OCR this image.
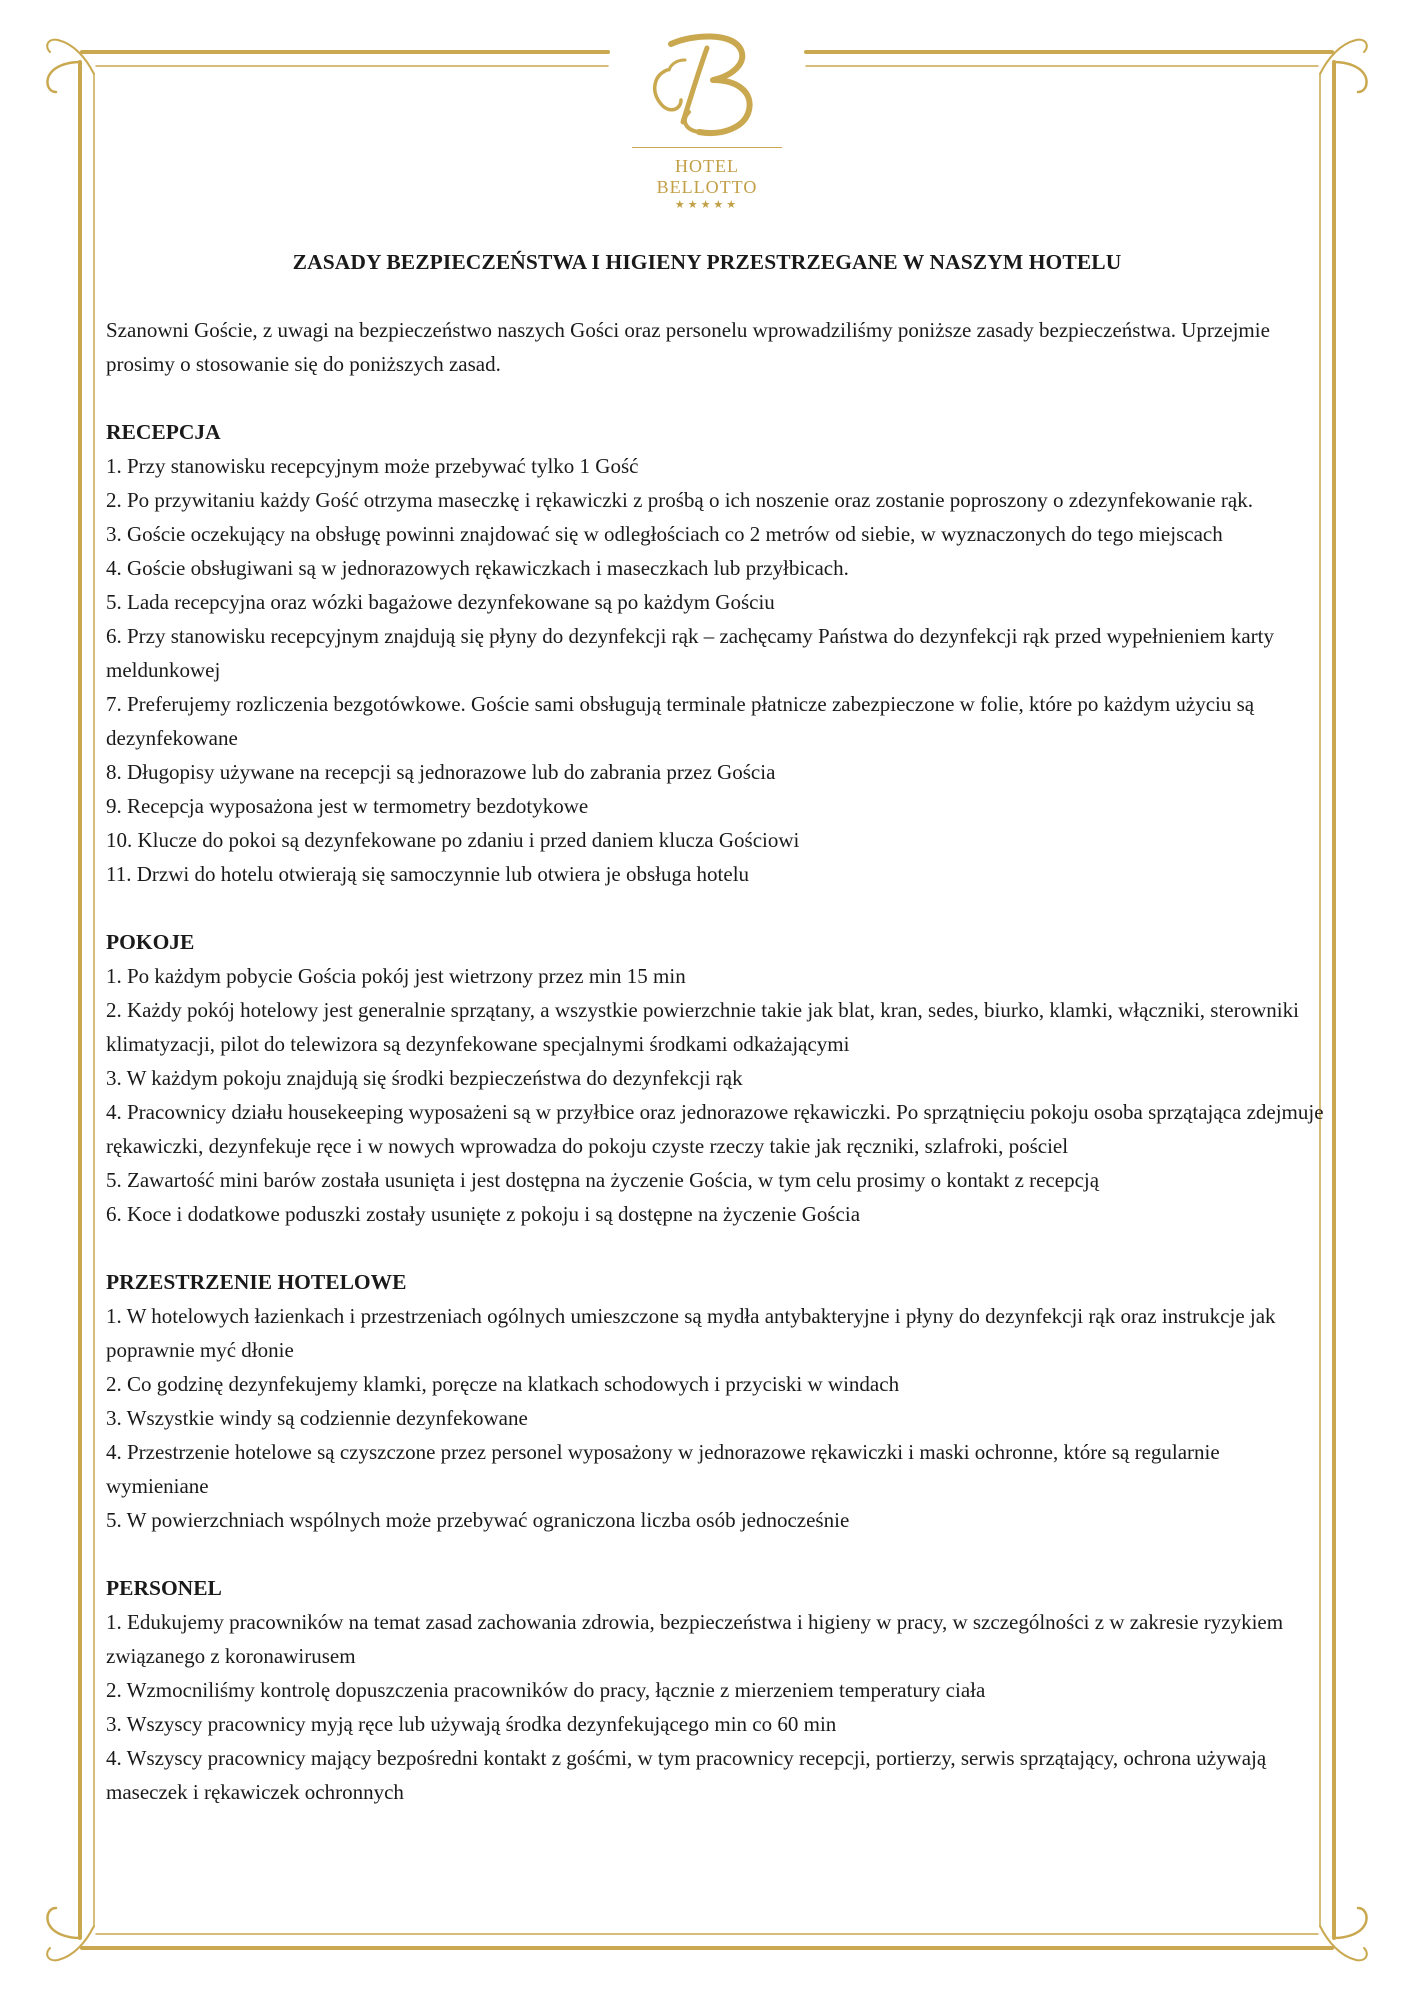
HOTEL
BELLOTTO
★★★★★
ZASADY BEZPIECZEŃSTWA I HIGIENY PRZESTRZEGANE W NASZYM HOTELU

Szanowni Goście, z uwagi na bezpieczeństwo naszych Gości oraz personelu wprowadziliśmy poniższe zasady bezpieczeństwa. Uprzejmie prosimy o stosowanie się do poniższych zasad.

RECEPCJA
1. Przy stanowisku recepcyjnym może przebywać tylko 1 Gość
2. Po przywitaniu każdy Gość otrzyma maseczkę i rękawiczki z prośbą o ich noszenie oraz zostanie poproszony o zdezynfekowanie rąk.
3. Goście oczekujący na obsługę powinni znajdować się w odległościach co 2 metrów od siebie, w wyznaczonych do tego miejscach
4. Goście obsługiwani są w jednorazowych rękawiczkach i maseczkach lub przyłbicach.
5. Lada recepcyjna oraz wózki bagażowe dezynfekowane są po każdym Gościu
6. Przy stanowisku recepcyjnym znajdują się płyny do dezynfekcji rąk – zachęcamy Państwa do dezynfekcji rąk przed wypełnieniem karty meldunkowej
7. Preferujemy rozliczenia bezgotówkowe. Goście sami obsługują terminale płatnicze zabezpieczone w folie, które po każdym użyciu są dezynfekowane
8. Długopisy używane na recepcji są jednorazowe lub do zabrania przez Gościa
9. Recepcja wyposażona jest w termometry bezdotykowe
10. Klucze do pokoi są dezynfekowane po zdaniu i przed daniem klucza Gościowi
11. Drzwi do hotelu otwierają się samoczynnie lub otwiera je obsługa hotelu
POKOJE
1. Po każdym pobycie Gościa pokój jest wietrzony przez min 15 min
2. Każdy pokój hotelowy jest generalnie sprzątany, a wszystkie powierzchnie takie jak blat, kran, sedes, biurko, klamki, włączniki, sterowniki klimatyzacji, pilot do telewizora są dezynfekowane specjalnymi środkami odkażającymi
3. W każdym pokoju znajdują się środki bezpieczeństwa do dezynfekcji rąk
4. Pracownicy działu housekeeping wyposażeni są w przyłbice oraz jednorazowe rękawiczki. Po sprzątnięciu pokoju osoba sprzątająca zdejmuje rękawiczki, dezynfekuje ręce i w nowych wprowadza do pokoju czyste rzeczy takie jak ręczniki, szlafroki, pościel
5. Zawartość mini barów została usunięta i jest dostępna na życzenie Gościa, w tym celu prosimy o kontakt z recepcją
6. Koce i dodatkowe poduszki zostały usunięte z pokoju i są dostępne na życzenie Gościa
PRZESTRZENIE HOTELOWE
1. W hotelowych łazienkach i przestrzeniach ogólnych umieszczone są mydła antybakteryjne i płyny do dezynfekcji rąk oraz instrukcje jak poprawnie myć dłonie
2. Co godzinę dezynfekujemy klamki, poręcze na klatkach schodowych i przyciski w windach
3. Wszystkie windy są codziennie dezynfekowane
4. Przestrzenie hotelowe są czyszczone przez personel wyposażony w jednorazowe rękawiczki i maski ochronne, które są regularnie wymieniane
5. W powierzchniach wspólnych może przebywać ograniczona liczba osób jednocześnie
PERSONEL
1. Edukujemy pracowników na temat zasad zachowania zdrowia, bezpieczeństwa i higieny w pracy, w szczególności z w zakresie ryzykiem związanego z koronawirusem
2. Wzmocniliśmy kontrolę dopuszczenia pracowników do pracy, łącznie z mierzeniem temperatury ciała
3. Wszyscy pracownicy myją ręce lub używają środka dezynfekującego min co 60 min
4. Wszyscy pracownicy mający bezpośredni kontakt z gośćmi, w tym pracownicy recepcji, portierzy, serwis sprzątający, ochrona używają maseczek i rękawiczek ochronnych
